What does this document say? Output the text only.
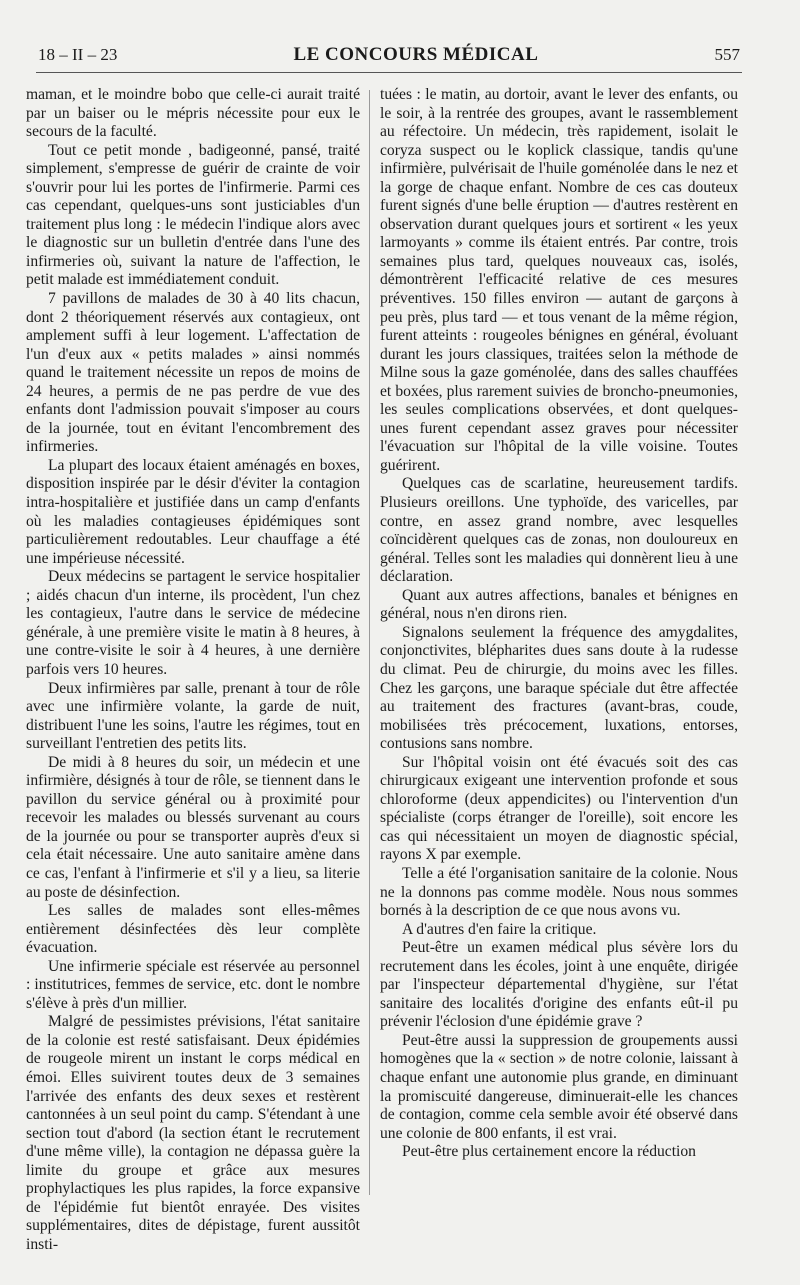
18 – II – 23	LE CONCOURS MÉDICAL	557

maman, et le moindre bobo que celle-ci aurait traité par un baiser ou le mépris nécessite pour eux le secours de la faculté.

Tout ce petit monde , badigeonné, pansé, traité simplement, s'empresse de guérir de crainte de voir s'ouvrir pour lui les portes de l'infirmerie. Parmi ces cas cependant, quelques-uns sont justiciables d'un traitement plus long : le médecin l'indique alors avec le diagnostic sur un bulletin d'entrée dans l'une des infirmeries où, suivant la nature de l'affection, le petit malade est immédiatement conduit.

7 pavillons de malades de 30 à 40 lits chacun, dont 2 théoriquement réservés aux contagieux, ont amplement suffi à leur logement. L'affectation de l'un d'eux aux « petits malades » ainsi nommés quand le traitement nécessite un repos de moins de 24 heures, a permis de ne pas perdre de vue des enfants dont l'admission pouvait s'imposer au cours de la journée, tout en évitant l'encombrement des infirmeries.

La plupart des locaux étaient aménagés en boxes, disposition inspirée par le désir d'éviter la contagion intra-hospitalière et justifiée dans un camp d'enfants où les maladies contagieuses épidémiques sont particulièrement redoutables. Leur chauffage a été une impérieuse nécessité.

Deux médecins se partagent le service hospitalier ; aidés chacun d'un interne, ils procèdent, l'un chez les contagieux, l'autre dans le service de médecine générale, à une première visite le matin à 8 heures, à une contre-visite le soir à 4 heures, à une dernière parfois vers 10 heures.

Deux infirmières par salle, prenant à tour de rôle avec une infirmière volante, la garde de nuit, distribuent l'une les soins, l'autre les régimes, tout en surveillant l'entretien des petits lits.

De midi à 8 heures du soir, un médecin et une infirmière, désignés à tour de rôle, se tiennent dans le pavillon du service général ou à proximité pour recevoir les malades ou blessés survenant au cours de la journée ou pour se transporter auprès d'eux si cela était nécessaire. Une auto sanitaire amène dans ce cas, l'enfant à l'infirmerie et s'il y a lieu, sa literie au poste de désinfection.

Les salles de malades sont elles-mêmes entièrement désinfectées dès leur complète évacuation.

Une infirmerie spéciale est réservée au personnel : institutrices, femmes de service, etc. dont le nombre s'élève à près d'un millier.

Malgré de pessimistes prévisions, l'état sanitaire de la colonie est resté satisfaisant. Deux épidémies de rougeole mirent un instant le corps médical en émoi. Elles suivirent toutes deux de 3 semaines l'arrivée des enfants des deux sexes et restèrent cantonnées à un seul point du camp. S'étendant à une section tout d'abord (la section étant le recrutement d'une même ville), la contagion ne dépassa guère la limite du groupe et grâce aux mesures prophylactiques les plus rapides, la force expansive de l'épidémie fut bientôt enrayée. Des visites supplémentaires, dites de dépistage, furent aussitôt insti-

tuées : le matin, au dortoir, avant le lever des enfants, ou le soir, à la rentrée des groupes, avant le rassemblement au réfectoire. Un médecin, très rapidement, isolait le coryza suspect ou le koplick classique, tandis qu'une infirmière, pulvérisait de l'huile goménolée dans le nez et la gorge de chaque enfant. Nombre de ces cas douteux furent signés d'une belle éruption — d'autres restèrent en observation durant quelques jours et sortirent « les yeux larmoyants » comme ils étaient entrés. Par contre, trois semaines plus tard, quelques nouveaux cas, isolés, démontrèrent l'efficacité relative de ces mesures préventives. 150 filles environ — autant de garçons à peu près, plus tard — et tous venant de la même région, furent atteints : rougeoles bénignes en général, évoluant durant les jours classiques, traitées selon la méthode de Milne sous la gaze goménolée, dans des salles chauffées et boxées, plus rarement suivies de broncho-pneumonies, les seules complications observées, et dont quelques-unes furent cependant assez graves pour nécessiter l'évacuation sur l'hôpital de la ville voisine. Toutes guérirent.

Quelques cas de scarlatine, heureusement tardifs. Plusieurs oreillons. Une typhoïde, des varicelles, par contre, en assez grand nombre, avec lesquelles coïncidèrent quelques cas de zonas, non douloureux en général. Telles sont les maladies qui donnèrent lieu à une déclaration.

Quant aux autres affections, banales et bénignes en général, nous n'en dirons rien.

Signalons seulement la fréquence des amygdalites, conjonctivites, blépharites dues sans doute à la rudesse du climat. Peu de chirurgie, du moins avec les filles. Chez les garçons, une baraque spéciale dut être affectée au traitement des fractures (avant-bras, coude, mobilisées très précocement, luxations, entorses, contusions sans nombre.

Sur l'hôpital voisin ont été évacués soit des cas chirurgicaux exigeant une intervention profonde et sous chloroforme (deux appendicites) ou l'intervention d'un spécialiste (corps étranger de l'oreille), soit encore les cas qui nécessitaient un moyen de diagnostic spécial, rayons X par exemple.

Telle a été l'organisation sanitaire de la colonie. Nous ne la donnons pas comme modèle. Nous nous sommes bornés à la description de ce que nous avons vu.

A d'autres d'en faire la critique.

Peut-être un examen médical plus sévère lors du recrutement dans les écoles, joint à une enquête, dirigée par l'inspecteur départemental d'hygiène, sur l'état sanitaire des localités d'origine des enfants eût-il pu prévenir l'éclosion d'une épidémie grave ?

Peut-être aussi la suppression de groupements aussi homogènes que la « section » de notre colonie, laissant à chaque enfant une autonomie plus grande, en diminuant la promiscuité dangereuse, diminuerait-elle les chances de contagion, comme cela semble avoir été observé dans une colonie de 800 enfants, il est vrai.

Peut-être plus certainement encore la réduction
